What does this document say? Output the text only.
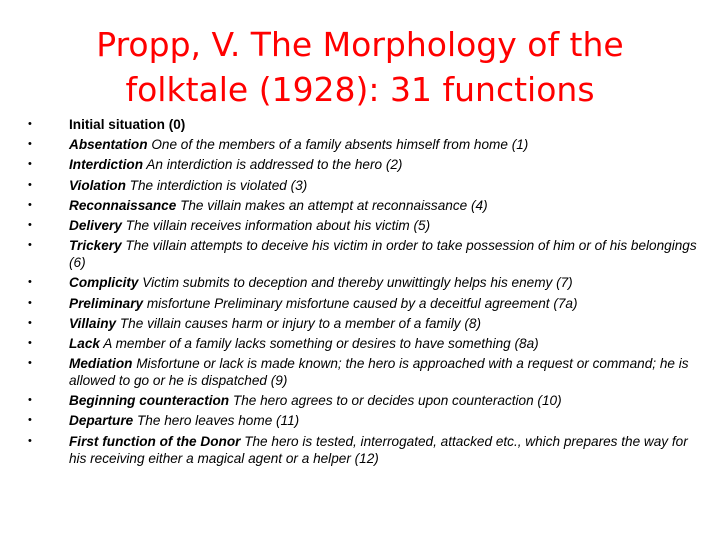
Propp, V. The Morphology of the folktale (1928): 31 functions
•	Initial situation (0)
•	Absentation One of the members of a family absents himself from home (1)
•	Interdiction An interdiction is addressed to the hero (2)
•	Violation The interdiction is violated (3)
•	Reconnaissance The villain makes an attempt at reconnaissance (4)
•	Delivery The villain receives information about his victim (5)
•	Trickery The villain attempts to deceive his victim in order to take possession of him or of his belongings (6)
•	Complicity Victim submits to deception and thereby unwittingly helps his enemy (7)
•	Preliminary misfortune Preliminary misfortune caused by a deceitful agreement (7a)
•	Villainy The villain causes harm or injury to a member of a family (8)
•	Lack A member of a family lacks something or desires to have something (8a)
•	Mediation Misfortune or lack is made known; the hero is approached with a request or command; he is allowed to go or he is dispatched (9)
•	Beginning counteraction The hero agrees to or decides upon counteraction (10)
•	Departure The hero leaves home (11)
•	First function of the Donor The hero is tested, interrogated, attacked etc., which prepares the way for his receiving either a magical agent or a helper (12)
